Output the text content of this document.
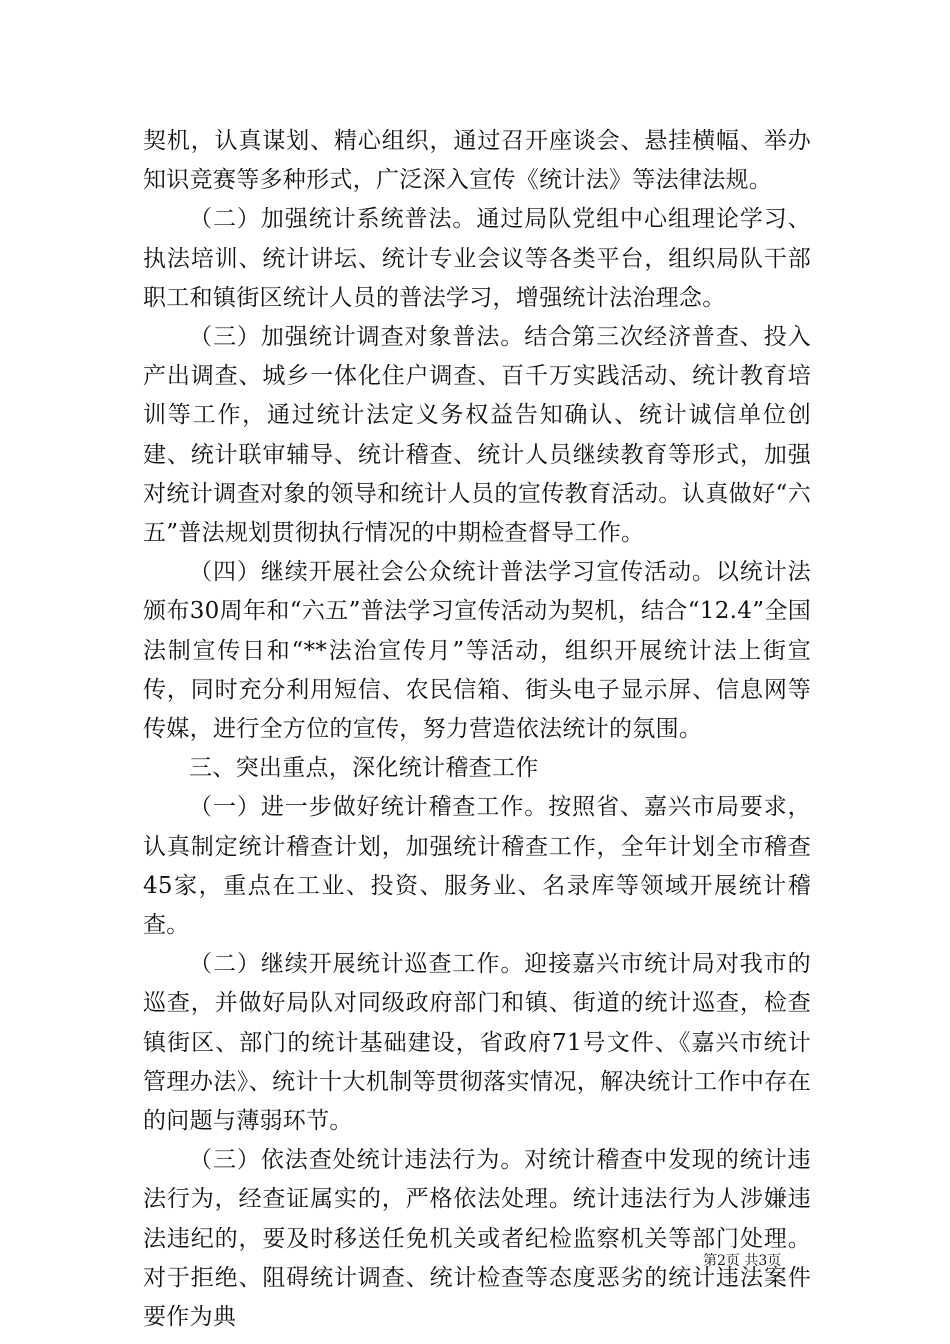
契机，认真谋划、精心组织，通过召开座谈会、悬挂横幅、举办知识竞赛等多种形式，广泛深入宣传《统计法》等法律法规。

（二）加强统计系统普法。通过局队党组中心组理论学习、执法培训、统计讲坛、统计专业会议等各类平台，组织局队干部职工和镇街区统计人员的普法学习，增强统计法治理念。

（三）加强统计调查对象普法。结合第三次经济普查、投入产出调查、城乡一体化住户调查、百千万实践活动、统计教育培训等工作，通过统计法定义务权益告知确认、统计诚信单位创建、统计联审辅导、统计稽查、统计人员继续教育等形式，加强对统计调查对象的领导和统计人员的宣传教育活动。认真做好“六五”普法规划贯彻执行情况的中期检查督导工作。

（四）继续开展社会公众统计普法学习宣传活动。以统计法颁布30周年和“六五”普法学习宣传活动为契机，结合“12.4”全国法制宣传日和“**法治宣传月”等活动，组织开展统计法上街宣传，同时充分利用短信、农民信箱、街头电子显示屏、信息网等传媒，进行全方位的宣传，努力营造依法统计的氛围。

三、突出重点，深化统计稽查工作

（一）进一步做好统计稽查工作。按照省、嘉兴市局要求，认真制定统计稽查计划，加强统计稽查工作，全年计划全市稽查45家，重点在工业、投资、服务业、名录库等领域开展统计稽查。

（二）继续开展统计巡查工作。迎接嘉兴市统计局对我市的巡查，并做好局队对同级政府部门和镇、街道的统计巡查，检查镇街区、部门的统计基础建设，省政府71号文件、《嘉兴市统计管理办法》、统计十大机制等贯彻落实情况，解决统计工作中存在的问题与薄弱环节。

（三）依法查处统计违法行为。对统计稽查中发现的统计违法行为，经查证属实的，严格依法处理。统计违法行为人涉嫌违法违纪的，要及时移送任免机关或者纪检监察机关等部门处理。对于拒绝、阻碍统计调查、统计检查等态度恶劣的统计违法案件要作为典

第2页 共3页
